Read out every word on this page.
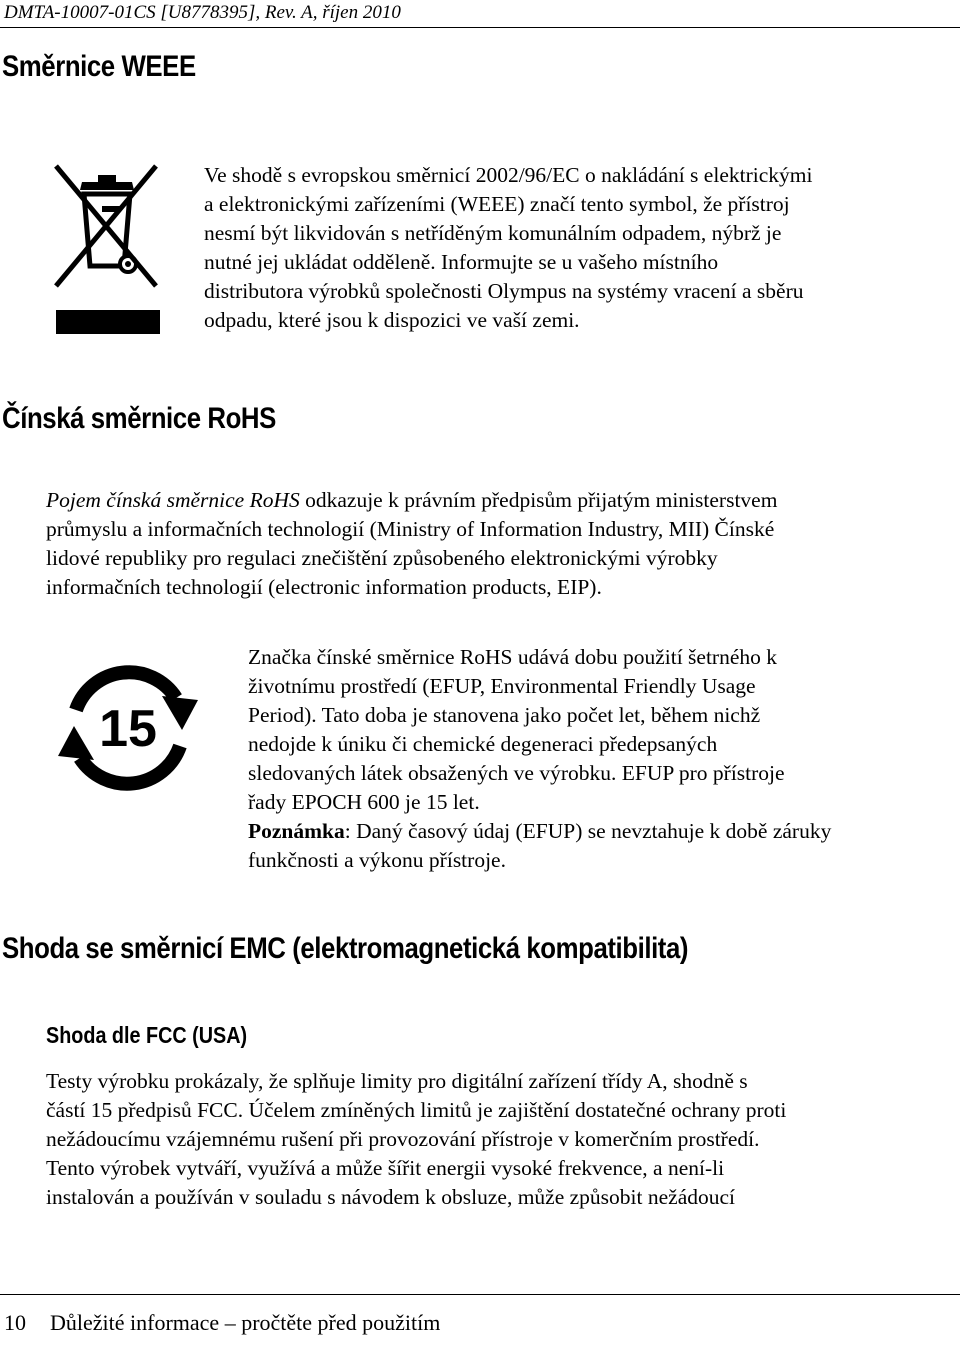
DMTA-10007-01CS [U8778395], Rev. A, říjen 2010
Směrnice WEEE
Ve shodě s evropskou směrnicí 2002/96/EC o nakládání s elektrickými
a elektronickými zařízeními (WEEE) značí tento symbol, že přístroj
nesmí být likvidován s netříděným komunálním odpadem, nýbrž je
nutné jej ukládat odděleně. Informujte se u vašeho místního
distributora výrobků společnosti Olympus na systémy vracení a sběru
odpadu, které jsou k dispozici ve vaší zemi.
Čínská směrnice RoHS
Pojem čínská směrnice RoHS odkazuje k právním předpisům přijatým ministerstvem
průmyslu a informačních technologií (Ministry of Information Industry, MII) Čínské
lidové republiky pro regulaci znečištění způsobeného elektronickými výrobky
informačních technologií (electronic information products, EIP).
15
Značka čínské směrnice RoHS udává dobu použití šetrného k
životnímu prostředí (EFUP, Environmental Friendly Usage
Period). Tato doba je stanovena jako počet let, během nichž
nedojde k úniku či chemické degeneraci předepsaných
sledovaných látek obsažených ve výrobku. EFUP pro přístroje
řady EPOCH 600 je 15 let.
Poznámka: Daný časový údaj (EFUP) se nevztahuje k době záruky
funkčnosti a výkonu přístroje.
Shoda se směrnicí EMC (elektromagnetická kompatibilita)
Shoda dle FCC (USA)
Testy výrobku prokázaly, že splňuje limity pro digitální zařízení třídy A, shodně s
částí 15 předpisů FCC. Účelem zmíněných limitů je zajištění dostatečné ochrany proti
nežádoucímu vzájemnému rušení při provozování přístroje v komerčním prostředí.
Tento výrobek vytváří, využívá a může šířit energii vysoké frekvence, a není-li
instalován a používán v souladu s návodem k obsluze, může způsobit nežádoucí
10 Důležité informace – pročtěte před použitím
